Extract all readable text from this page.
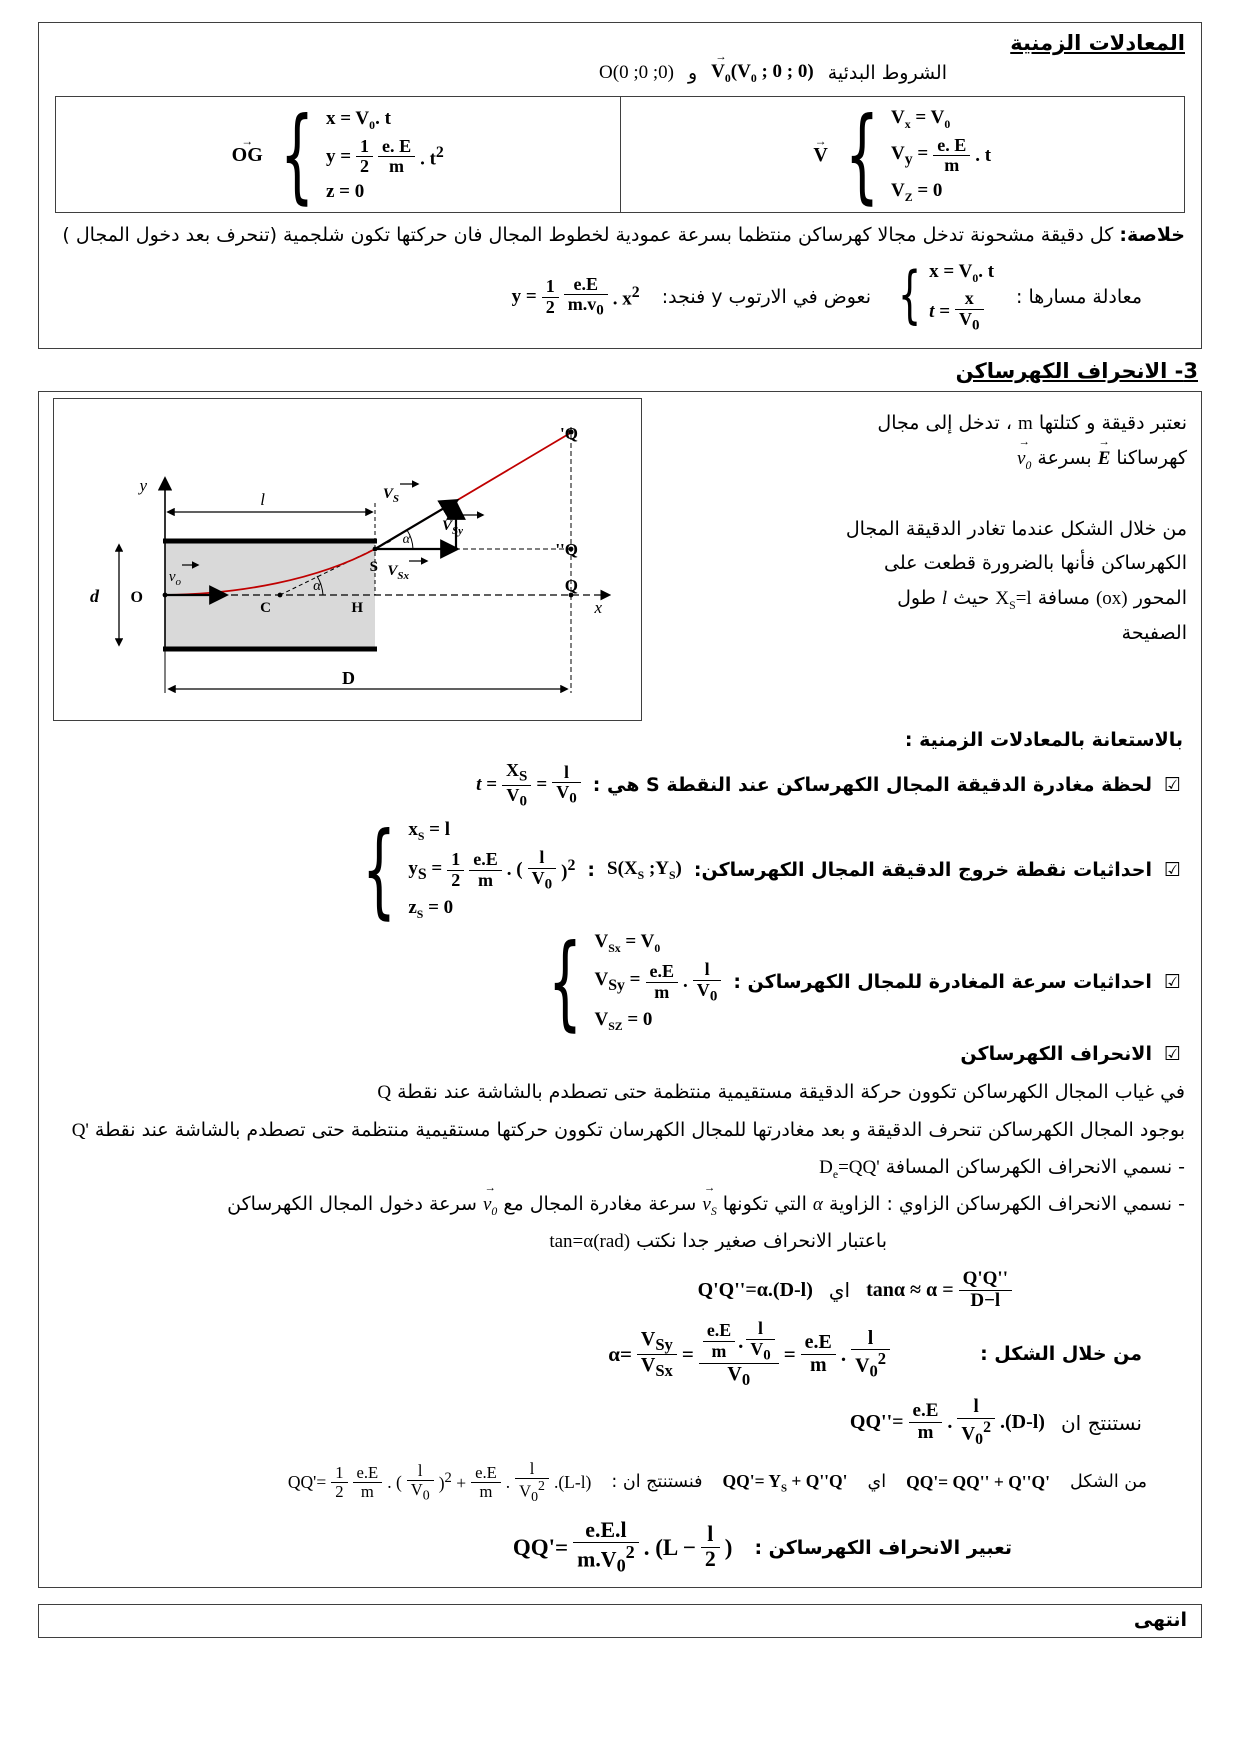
المعادلات الزمنية
الشروط البدئية
$V_0 \to(V_0$ ; 0 ; 0)
و
O(0 ;0 ;0)
V → { $V_x = V_0$
$V_y = \frac{e. E}{m}$ . t
$V_Z = 0$
OG → { $x = V_0$. t
$y = \frac{1}{2} \frac{e. E}{m}$ . $t^2$
z = 0

خلاصة: كل دقيقة مشحونة تدخل مجالا كهرساكن منتظما بسرعة عمودية لخطوط المجال فان حركتها تكون شلجمية (تنحرف بعد دخول المجال )

معادلة مسارها :
{ $x = V_0$. t
$t = \frac{x}{V_0}$
نعوض في الارتوب y فنجد:
$y = \frac{1}{2} \frac{e.E}{m.v_0}$ . $x^2$
3- الانحراف الكهرساكن

نعتبر دقيقة و كتلتها m ، تدخل إلى مجال كهرساكنا E → بسرعة $v_0$ →

من خلال الشكل عندما تغادر الدقيقة المجال الكهرساكن فأنها بالضرورة قطعت على المحور (ox) مسافة $X_S=l$ حيث l طول الصفيحة

y
x
O
$v_o$
l
d
D
C	H
S
Q'
Q''
Q
$V_S$
$V_{Sy}$
$V_{Sx}$
α
α

بالاستعانة بالمعادلات الزمنية :

☑
لحظة مغادرة الدقيقة المجال الكهرساكن عند النقطة S هي :
$t = \frac{X_S}{V_0} = \frac{l}{V_0}$
☑
احداثيات نقطة خروج الدقيقة المجال الكهرساكن:
$S(X_S$ $;Y_S$)
:
{ $x_S = l$
$y_S = \frac{1}{2} \frac{e.E}{m}$ . ( $\frac{l}{V_0} )^2$
$z_S = 0$
☑
احداثيات سرعة المغادرة للمجال الكهرساكن :
{ $V_{Sx} = V_0$
$V_{Sy} = \frac{e.E}{m}$ . $\frac{l}{V_0}$
$V_{SZ} = 0$
☑
الانحراف الكهرساكن

في غياب المجال الكهرساكن تكوون حركة الدقيقة مستقيمية منتظمة حتى تصطدم بالشاشة عند نقطة Q

بوجود المجال الكهرساكن تنحرف الدقيقة و بعد مغادرتها للمجال الكهرسان تكوون حركتها مستقيمية منتظمة حتى تصطدم بالشاشة عند نقطة Q'

- نسمي الانحراف الكهرساكن المسافة $D_e=QQ'$

- نسمي الانحراف الكهرساكن الزاوي : الزاوية α التي تكونها $v_S$ → سرعة مغادرة المجال مع $v_0$ → سرعة دخول المجال الكهرساكن

باعتبار الانحراف صغير جدا نكتب tan=α(rad)

$\tan\alpha \approx \alpha = \frac{Q'Q''}{D-l}$
اي
Q'Q''=α.(D-l)
من خلال الشكل :
$\alpha= \frac{V_{Sy}}{V_{Sx}} = \frac{\frac{e.E}{m} . \frac{l}{V_0}}{V_0} = \frac{e.E}{m}$ . $\frac{l}{V_0^2}$
نستنتج ان
$QQ''= \frac{e.E}{m}$ . $\frac{l}{V_0^2} .(D-l)$
من الشكل
QQ'= QQ'' + Q''Q'
اي
$QQ'= Y_S + Q''Q'$
فنستنتج ان :
$QQ'= \frac{1}{2} \frac{e.E}{m}$ . ( $\frac{l}{V_0} )^2 + \frac{e.E}{m}$ . $\frac{l}{V_0^2} .(L-l)$
تعبير الانحراف الكهرساكن :
$QQ'= \frac{e.E.l}{m.V_0^2}$ . ($L - \frac{l}{2}$ )
انتهى
